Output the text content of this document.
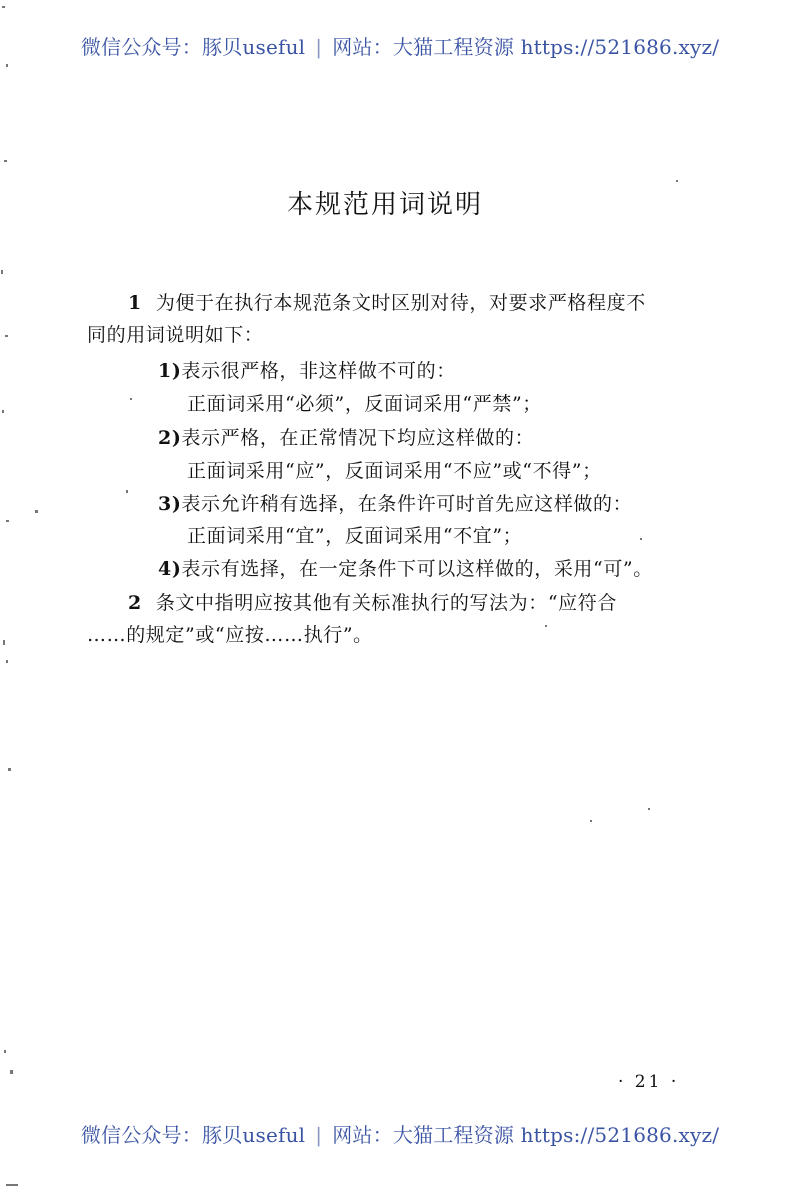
微信公众号：豚贝useful | 网站：大猫工程资源 https://521686.xyz/
本规范用词说明
1 为便于在执行本规范条文时区别对待，对要求严格程度不
同的用词说明如下：
1)表示很严格，非这样做不可的：
正面词采用“必须”，反面词采用“严禁”；
2)表示严格，在正常情况下均应这样做的：
正面词采用“应”，反面词采用“不应”或“不得”；
3)表示允许稍有选择，在条件许可时首先应这样做的：
正面词采用“宜”，反面词采用“不宜”；
4)表示有选择，在一定条件下可以这样做的，采用“可”。
2 条文中指明应按其他有关标准执行的写法为：“应符合
……的规定”或“应按……执行”。
· 21 ·
微信公众号：豚贝useful | 网站：大猫工程资源 https://521686.xyz/
